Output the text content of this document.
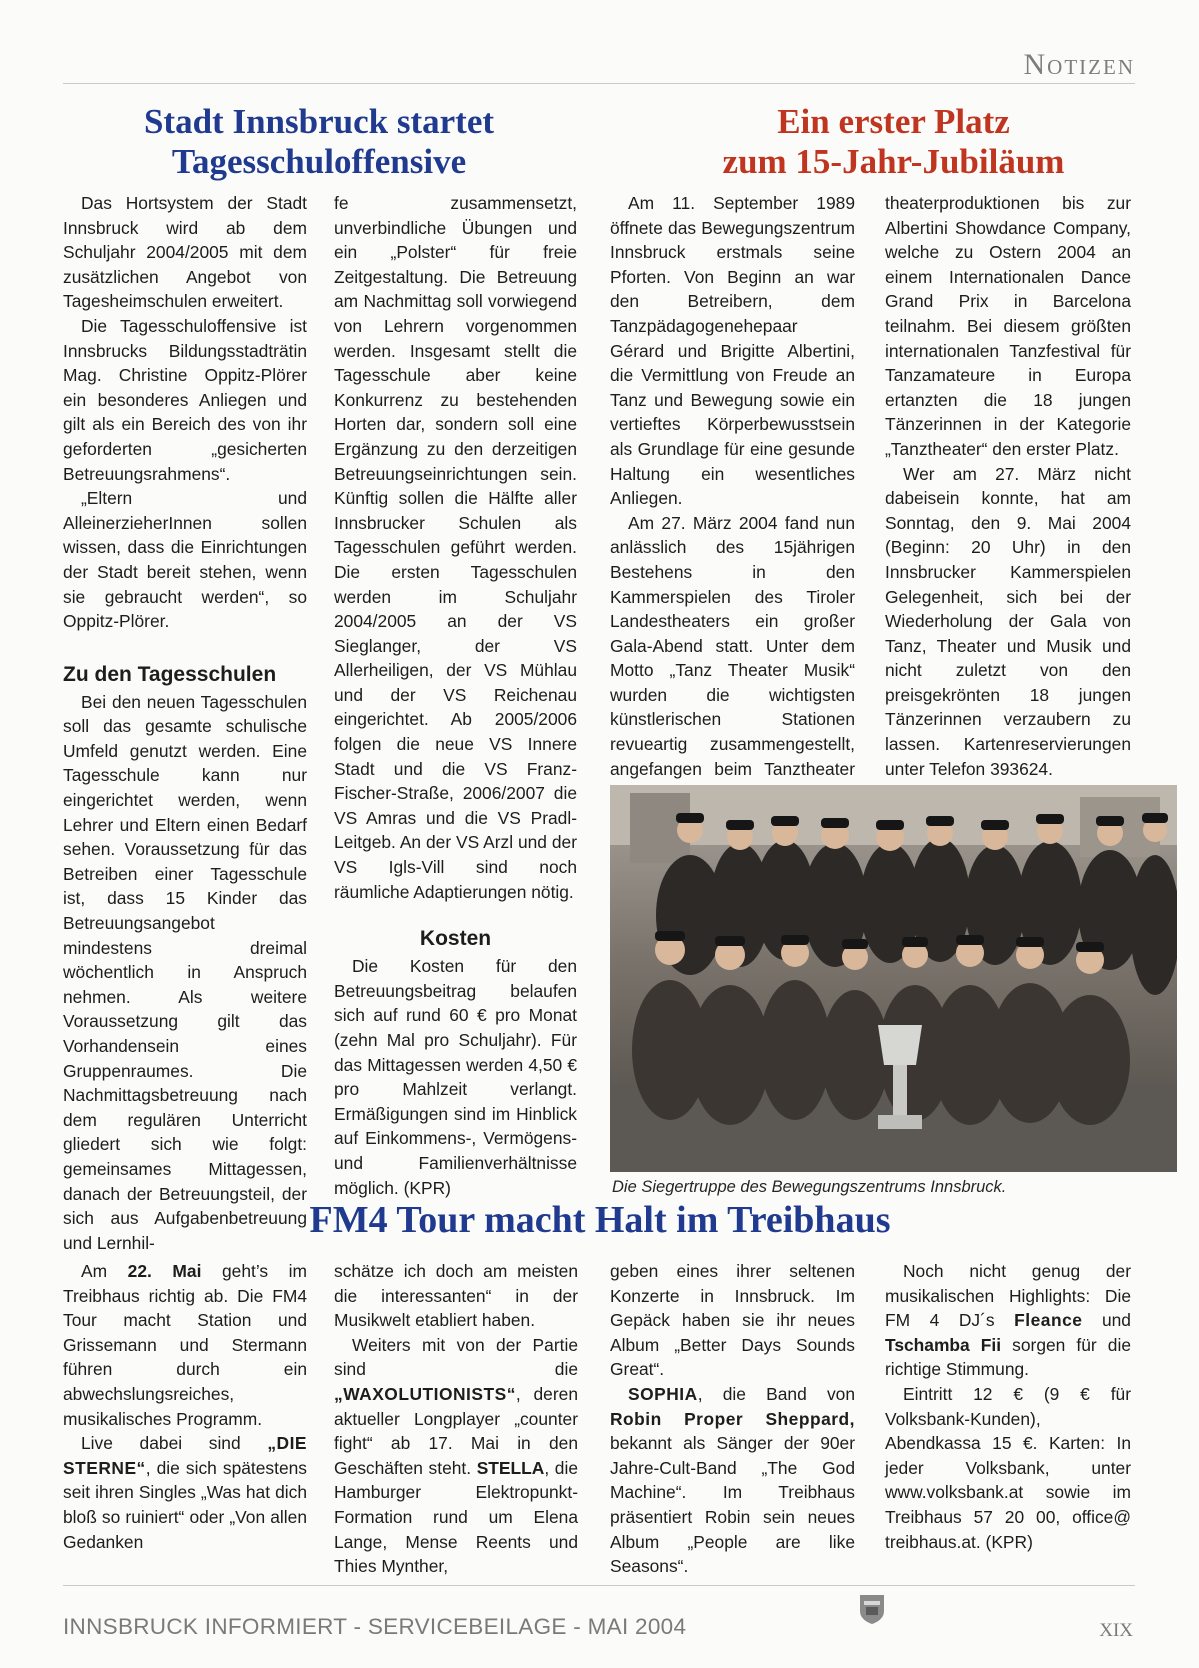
Notizen
Stadt Innsbruck startet
Tagesschuloffensive

Das Hortsystem der Stadt Innsbruck wird ab dem Schuljahr 2004/2005 mit dem zusätzlichen Angebot von Tagesheimschulen erweitert.

Die Tagesschuloffensive ist Innsbrucks Bildungsstadträtin Mag. Christine Oppitz-Plörer ein besonderes Anliegen und gilt als ein Bereich des von ihr geforderten „gesicherten Betreuungsrahmens“.

„Eltern und AlleinerzieherInnen sollen wissen, dass die Einrichtungen der Stadt bereit stehen, wenn sie gebraucht werden“, so Oppitz-Plörer.

Zu den Tagesschulen

Bei den neuen Tagesschulen soll das gesamte schulische Umfeld genutzt werden. Eine Tagesschule kann nur eingerichtet werden, wenn Lehrer und Eltern einen Bedarf sehen. Voraussetzung für das Betreiben einer Tagesschule ist, dass 15 Kinder das Betreuungsangebot mindestens dreimal wöchentlich in Anspruch nehmen. Als weitere Voraussetzung gilt das Vorhandensein eines Gruppenraumes. Die Nachmittagsbetreuung nach dem regulären Unterricht gliedert sich wie folgt: gemeinsames Mittagessen, danach der Betreuungsteil, der sich aus Aufgabenbetreuung und Lernhil-

fe zusammensetzt, unverbindliche Übungen und ein „Polster“ für freie Zeitgestaltung. Die Betreuung am Nachmittag soll vorwiegend von Lehrern vorgenommen werden. Insgesamt stellt die Tagesschule aber keine Konkurrenz zu bestehenden Horten dar, sondern soll eine Ergänzung zu den derzeitigen Betreuungseinrichtungen sein. Künftig sollen die Hälfte aller Innsbrucker Schulen als Tagesschulen geführt werden. Die ersten Tagesschulen werden im Schuljahr 2004/2005 an der VS Sieglanger, der VS Allerheiligen, der VS Mühlau und der VS Reichenau eingerichtet. Ab 2005/2006 folgen die neue VS Innere Stadt und die VS Franz-Fischer-Straße, 2006/2007 die VS Amras und die VS Pradl-Leitgeb. An der VS Arzl und der VS Igls-Vill sind noch räumliche Adaptierungen nötig.

Kosten

Die Kosten für den Betreuungsbeitrag belaufen sich auf rund 60 € pro Monat (zehn Mal pro Schuljahr). Für das Mittagessen werden 4,50 € pro Mahlzeit verlangt. Ermäßigungen sind im Hinblick auf Einkommens-, Vermögens- und Familienverhältnisse möglich. (KPR)

Ein erster Platz
zum 15-Jahr-Jubiläum

Am 11. September 1989 öffnete das Bewegungszentrum Innsbruck erstmals seine Pforten. Von Beginn an war den Betreibern, dem Tanzpädagogenehepaar Gérard und Brigitte Albertini, die Vermittlung von Freude an Tanz und Bewegung sowie ein vertieftes Körperbewusstsein als Grundlage für eine gesunde Haltung ein wesentliches Anliegen.

Am 27. März 2004 fand nun anlässlich des 15jährigen Bestehens in den Kammerspielen des Tiroler Landestheaters ein großer Gala-Abend statt. Unter dem Motto „Tanz Theater Musik“ wurden die wichtigsten künstlerischen Stationen revueartig zusammengestellt, angefangen beim Tanztheater

theaterproduktionen bis zur Albertini Showdance Company, welche zu Ostern 2004 an einem Internationalen Dance Grand Prix in Barcelona teilnahm. Bei diesem größten internationalen Tanzfestival für Tanzamateure in Europa ertanzten die 18 jungen Tänzerinnen in der Kategorie „Tanztheater“ den erster Platz.

Wer am 27. März nicht dabeisein konnte, hat am Sonntag, den 9. Mai 2004 (Beginn: 20 Uhr) in den Innsbrucker Kammerspielen Gelegenheit, sich bei der Wiederholung der Gala von Tanz, Theater und Musik und nicht zuletzt von den preisgekrönten 18 jungen Tänzerinnen verzaubern zu lassen. Kartenreservierungen unter Telefon 393624.

Die Siegertruppe des Bewegungszentrums Innsbruck.
FM4 Tour macht Halt im Treibhaus

Am 22. Mai geht’s im Treibhaus richtig ab. Die FM4 Tour macht Station und Grissemann und Stermann führen durch ein abwechslungsreiches, musikalisches Programm.

Live dabei sind „DIE STERNE“, die sich spätestens seit ihren Singles „Was hat dich bloß so ruiniert“ oder „Von allen Gedanken

schätze ich doch am meisten die interessanten“ in der Musikwelt etabliert haben.

Weiters mit von der Partie sind die „WAXOLUTIONISTS“, deren aktueller Longplayer „counter fight“ ab 17. Mai in den Geschäften steht. STELLA, die Hamburger Elektropunkt-Formation rund um Elena Lange, Mense Reents und Thies Mynther,

geben eines ihrer seltenen Konzerte in Innsbruck. Im Gepäck haben sie ihr neues Album „Better Days Sounds Great“.

SOPHIA, die Band von Robin Proper Sheppard, bekannt als Sänger der 90er Jahre-Cult-Band „The God Machine“. Im Treibhaus präsentiert Robin sein neues Album „People are like Seasons“.

Noch nicht genug der musikalischen Highlights: Die FM 4 DJ´s Fleance und Tschamba Fii sorgen für die richtige Stimmung.

Eintritt 12 € (9 € für Volksbank-Kunden), Abendkassa 15 €. Karten: In jeder Volksbank, unter www.volksbank.at sowie im Treibhaus 57 20 00, office@ treibhaus.at. (KPR)

INNSBRUCK INFORMIERT - SERVICEBEILAGE - MAI 2004	XIX
